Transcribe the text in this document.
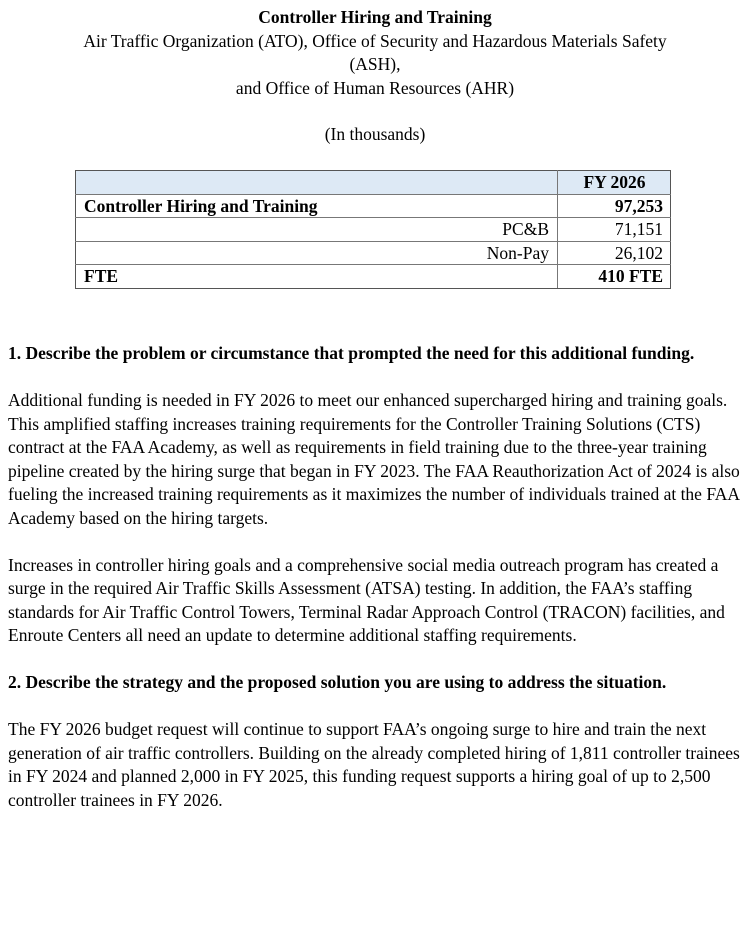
Controller Hiring and Training
Air Traffic Organization (ATO), Office of Security and Hazardous Materials Safety
(ASH),
and Office of Human Resources (AHR)
(In thousands)
	FY 2026
Controller Hiring and Training	97,253
PC&B	71,151
Non-Pay	26,102
FTE	410 FTE

1. Describe the problem or circumstance that prompted the need for this additional funding.

Additional funding is needed in FY 2026 to meet our enhanced supercharged hiring and training goals. This amplified staffing increases training requirements for the Controller Training Solutions (CTS) contract at the FAA Academy, as well as requirements in field training due to the three-year training pipeline created by the hiring surge that began in FY 2023. The FAA Reauthorization Act of 2024 is also fueling the increased training requirements as it maximizes the number of individuals trained at the FAA Academy based on the hiring targets.

Increases in controller hiring goals and a comprehensive social media outreach program has created a surge in the required Air Traffic Skills Assessment (ATSA) testing. In addition, the FAA’s staffing standards for Air Traffic Control Towers, Terminal Radar Approach Control (TRACON) facilities, and Enroute Centers all need an update to determine additional staffing requirements.

2. Describe the strategy and the proposed solution you are using to address the situation.

The FY 2026 budget request will continue to support FAA’s ongoing surge to hire and train the next generation of air traffic controllers. Building on the already completed hiring of 1,811 controller trainees in FY 2024 and planned 2,000 in FY 2025, this funding request supports a hiring goal of up to 2,500 controller trainees in FY 2026.
